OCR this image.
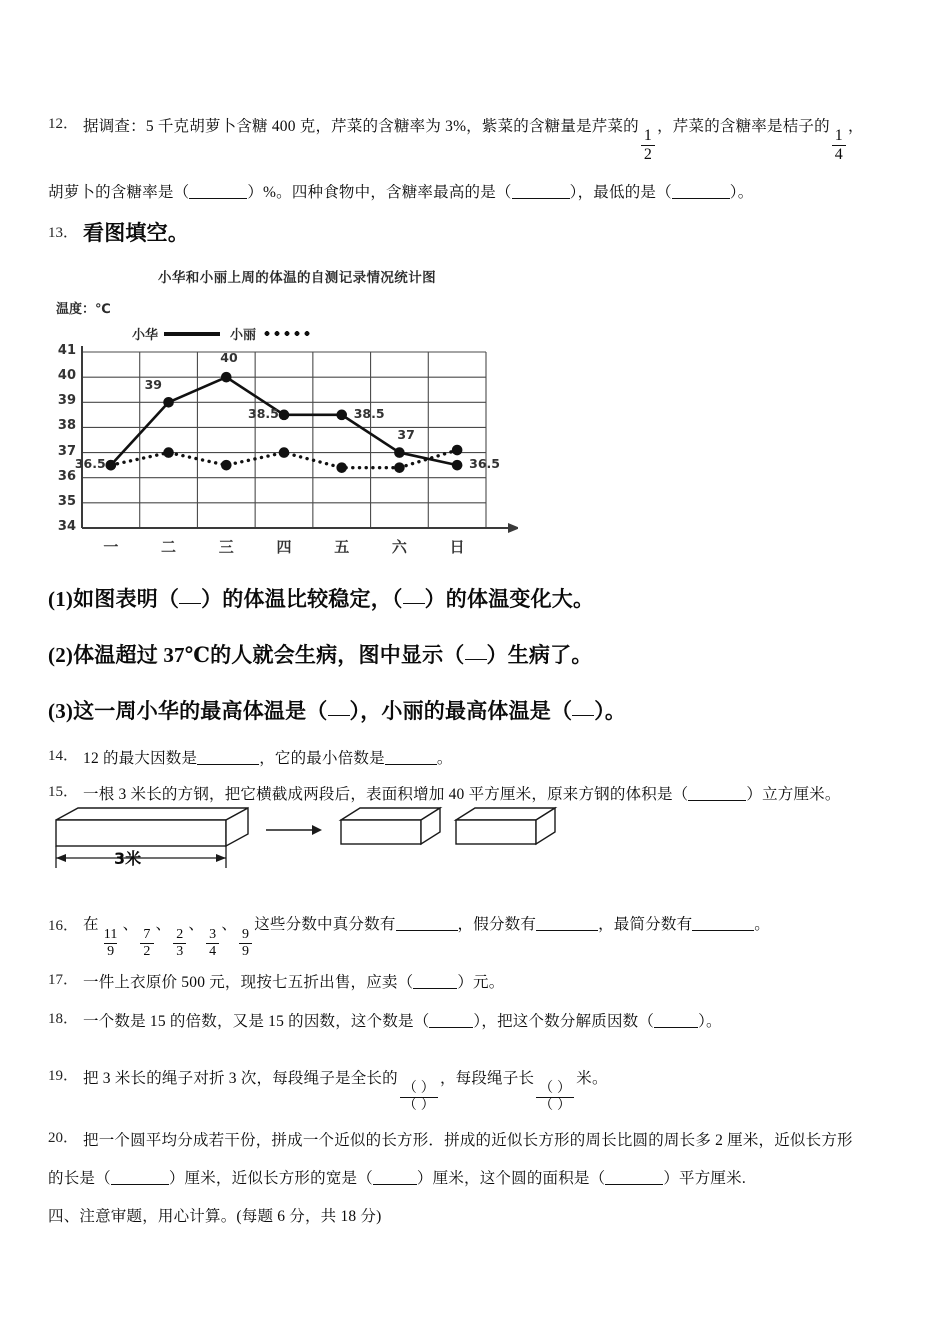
12． 据调查：5 千克胡萝卜含糖 400 克，芹菜的含糖率为 3%，紫菜的含糖量是芹菜的
$\frac{1}{2}$
，芹菜的含糖率是桔子的
$\frac{1}{4}$
，
胡萝卜的含糖率是（	）%。四种食物中，含糖率最高的是（	），最低的是（	）。
13． 看图填空。
小华和小丽上周的体温的自测记录情况统计图
温度：℃
小华	小丽
34
35
36
37
38
39
40
41
一	二	三	四	五	六	日
36.5
39
40
38.5	38.5
37
36.5
(1)如图表明（ ）的体温比较稳定，（ ）的体温变化大。
(2)体温超过 37℃的人就会生病，图中显示（ ）生病了。
(3)这一周小华的最高体温是（ ），小丽的最高体温是（ ）。
14． 12 的最大因数是	，它的最小倍数是	。
15． 一根 3 米长的方钢，把它横截成两段后，表面积增加 40 平方厘米，原来方钢的体积是（	）立方厘米。
3米
16． 在
$\frac{11}{9}$
、
$\frac{7}{2}$
、
$\frac{2}{3}$
、
$\frac{3}{4}$
、
$\frac{9}{9}$
这些分数中真分数有	，假分数有	，最简分数有	。
17． 一件上衣原价 500 元，现按七五折出售，应卖（	）元。
18． 一个数是 15 的倍数，又是 15 的因数，这个数是（	），把这个数分解质因数（	）。
19． 把 3 米长的绳子对折 3 次，每段绳子是全长的
$\frac{( )}{( )}$
，每段绳子长
$\frac{( )}{( )}$
米。
20． 把一个圆平均分成若干份，拼成一个近似的长方形．拼成的近似长方形的周长比圆的周长多 2 厘米，近似长方形
的长是（	）厘米，近似长方形的宽是（	）厘米，这个圆的面积是（	）平方厘米.
四、注意审题，用心计算。(每题 6 分，共 18 分)
